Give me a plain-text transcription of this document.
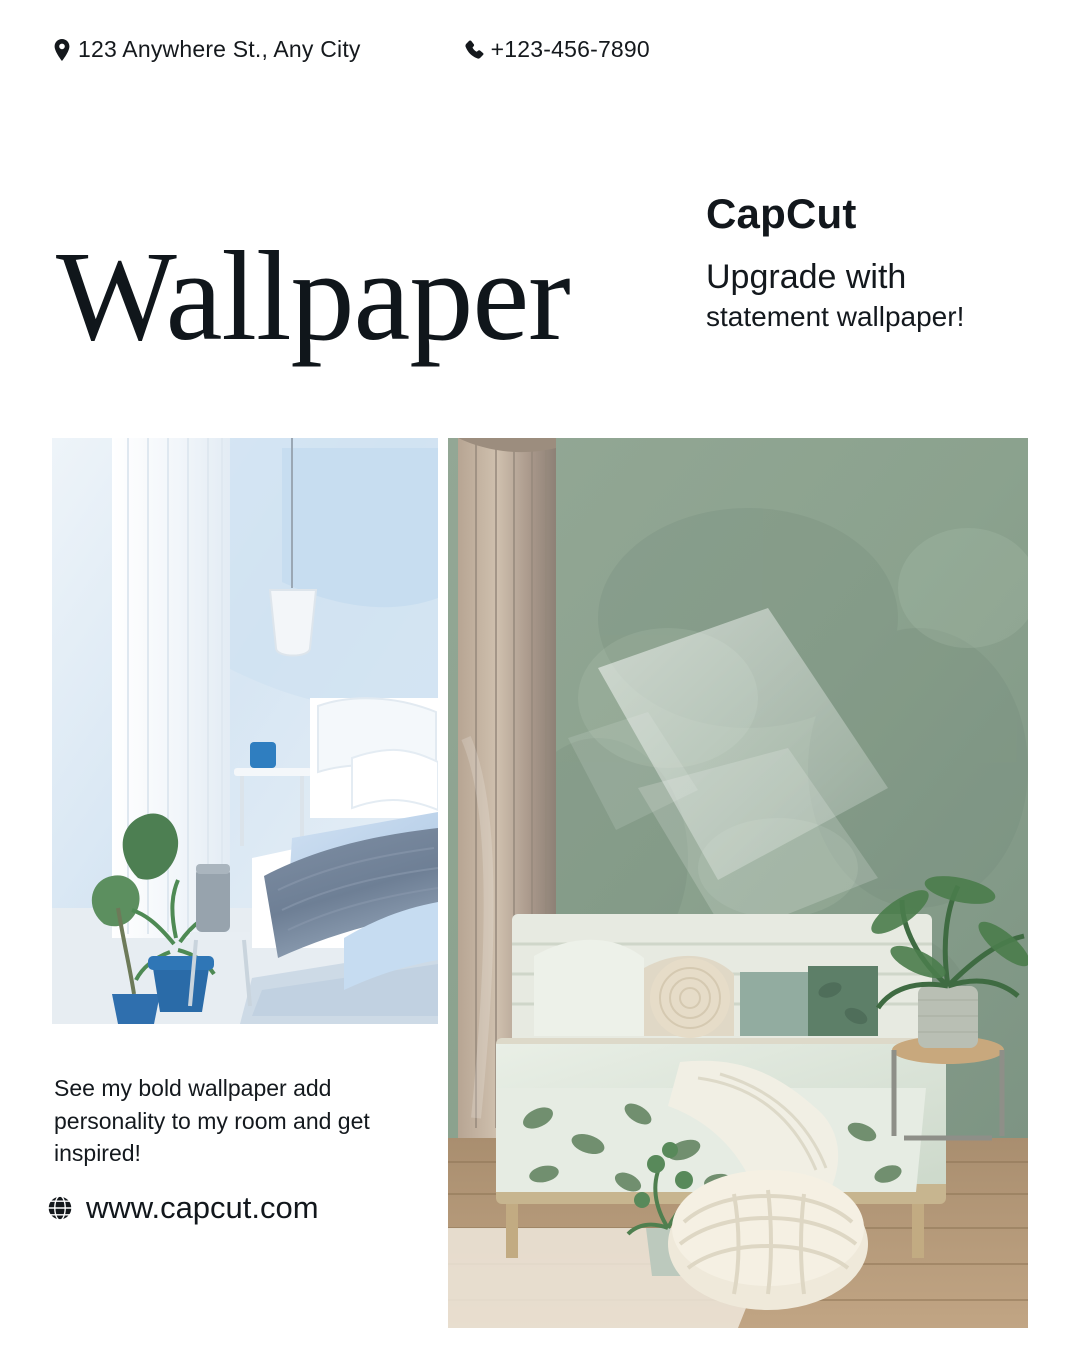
123 Anywhere St., Any City	+123-456-7890
Wallpaper
CapCut
Upgrade with
statement wallpaper!
See my bold wallpaper add personality to my room and get inspired!
www.capcut.com
